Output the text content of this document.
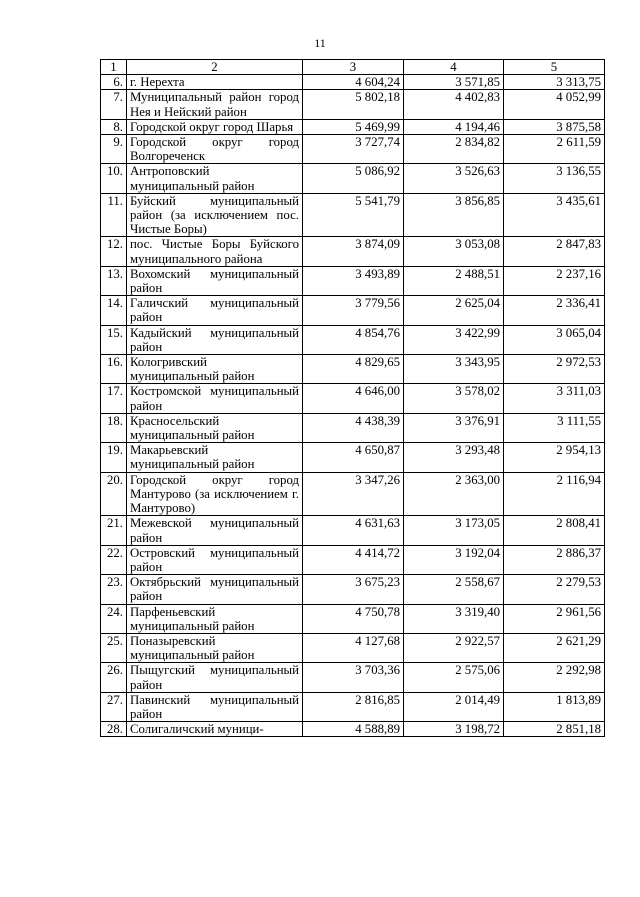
11
1	2	3	4	5
6.	г. Нерехта	4 604,24	3 571,85	3 313,75
7.	Муниципальный район город Нея и Нейский район	5 802,18	4 402,83	4 052,99
8.	Городской округ город Шарья	5 469,99	4 194,46	3 875,58
9.	Городской округ город Волгореченск	3 727,74	2 834,82	2 611,59
10.	Антроповский муниципальный район	5 086,92	3 526,63	3 136,55
11.	Буйский муниципальный район (за исключением пос. Чистые Боры)	5 541,79	3 856,85	3 435,61
12.	пос. Чистые Боры Буйского муниципального района	3 874,09	3 053,08	2 847,83
13.	Вохомский муниципальный район	3 493,89	2 488,51	2 237,16
14.	Галичский муниципальный район	3 779,56	2 625,04	2 336,41
15.	Кадыйский муниципальный район	4 854,76	3 422,99	3 065,04
16.	Кологривский муниципальный район	4 829,65	3 343,95	2 972,53
17.	Костромской муниципальный район	4 646,00	3 578,02	3 311,03
18.	Красносельский муниципальный район	4 438,39	3 376,91	3 111,55
19.	Макарьевский муниципальный район	4 650,87	3 293,48	2 954,13
20.	Городской округ город Мантурово (за исключением г. Мантурово)	3 347,26	2 363,00	2 116,94
21.	Межевской муниципальный район	4 631,63	3 173,05	2 808,41
22.	Островский муниципальный район	4 414,72	3 192,04	2 886,37
23.	Октябрьский муниципальный район	3 675,23	2 558,67	2 279,53
24.	Парфеньевский муниципальный район	4 750,78	3 319,40	2 961,56
25.	Поназыревский муниципальный район	4 127,68	2 922,57	2 621,29
26.	Пыщугский муниципальный район	3 703,36	2 575,06	2 292,98
27.	Павинский муниципальный район	2 816,85	2 014,49	1 813,89
28.	Солигаличский муници-	4 588,89	3 198,72	2 851,18
